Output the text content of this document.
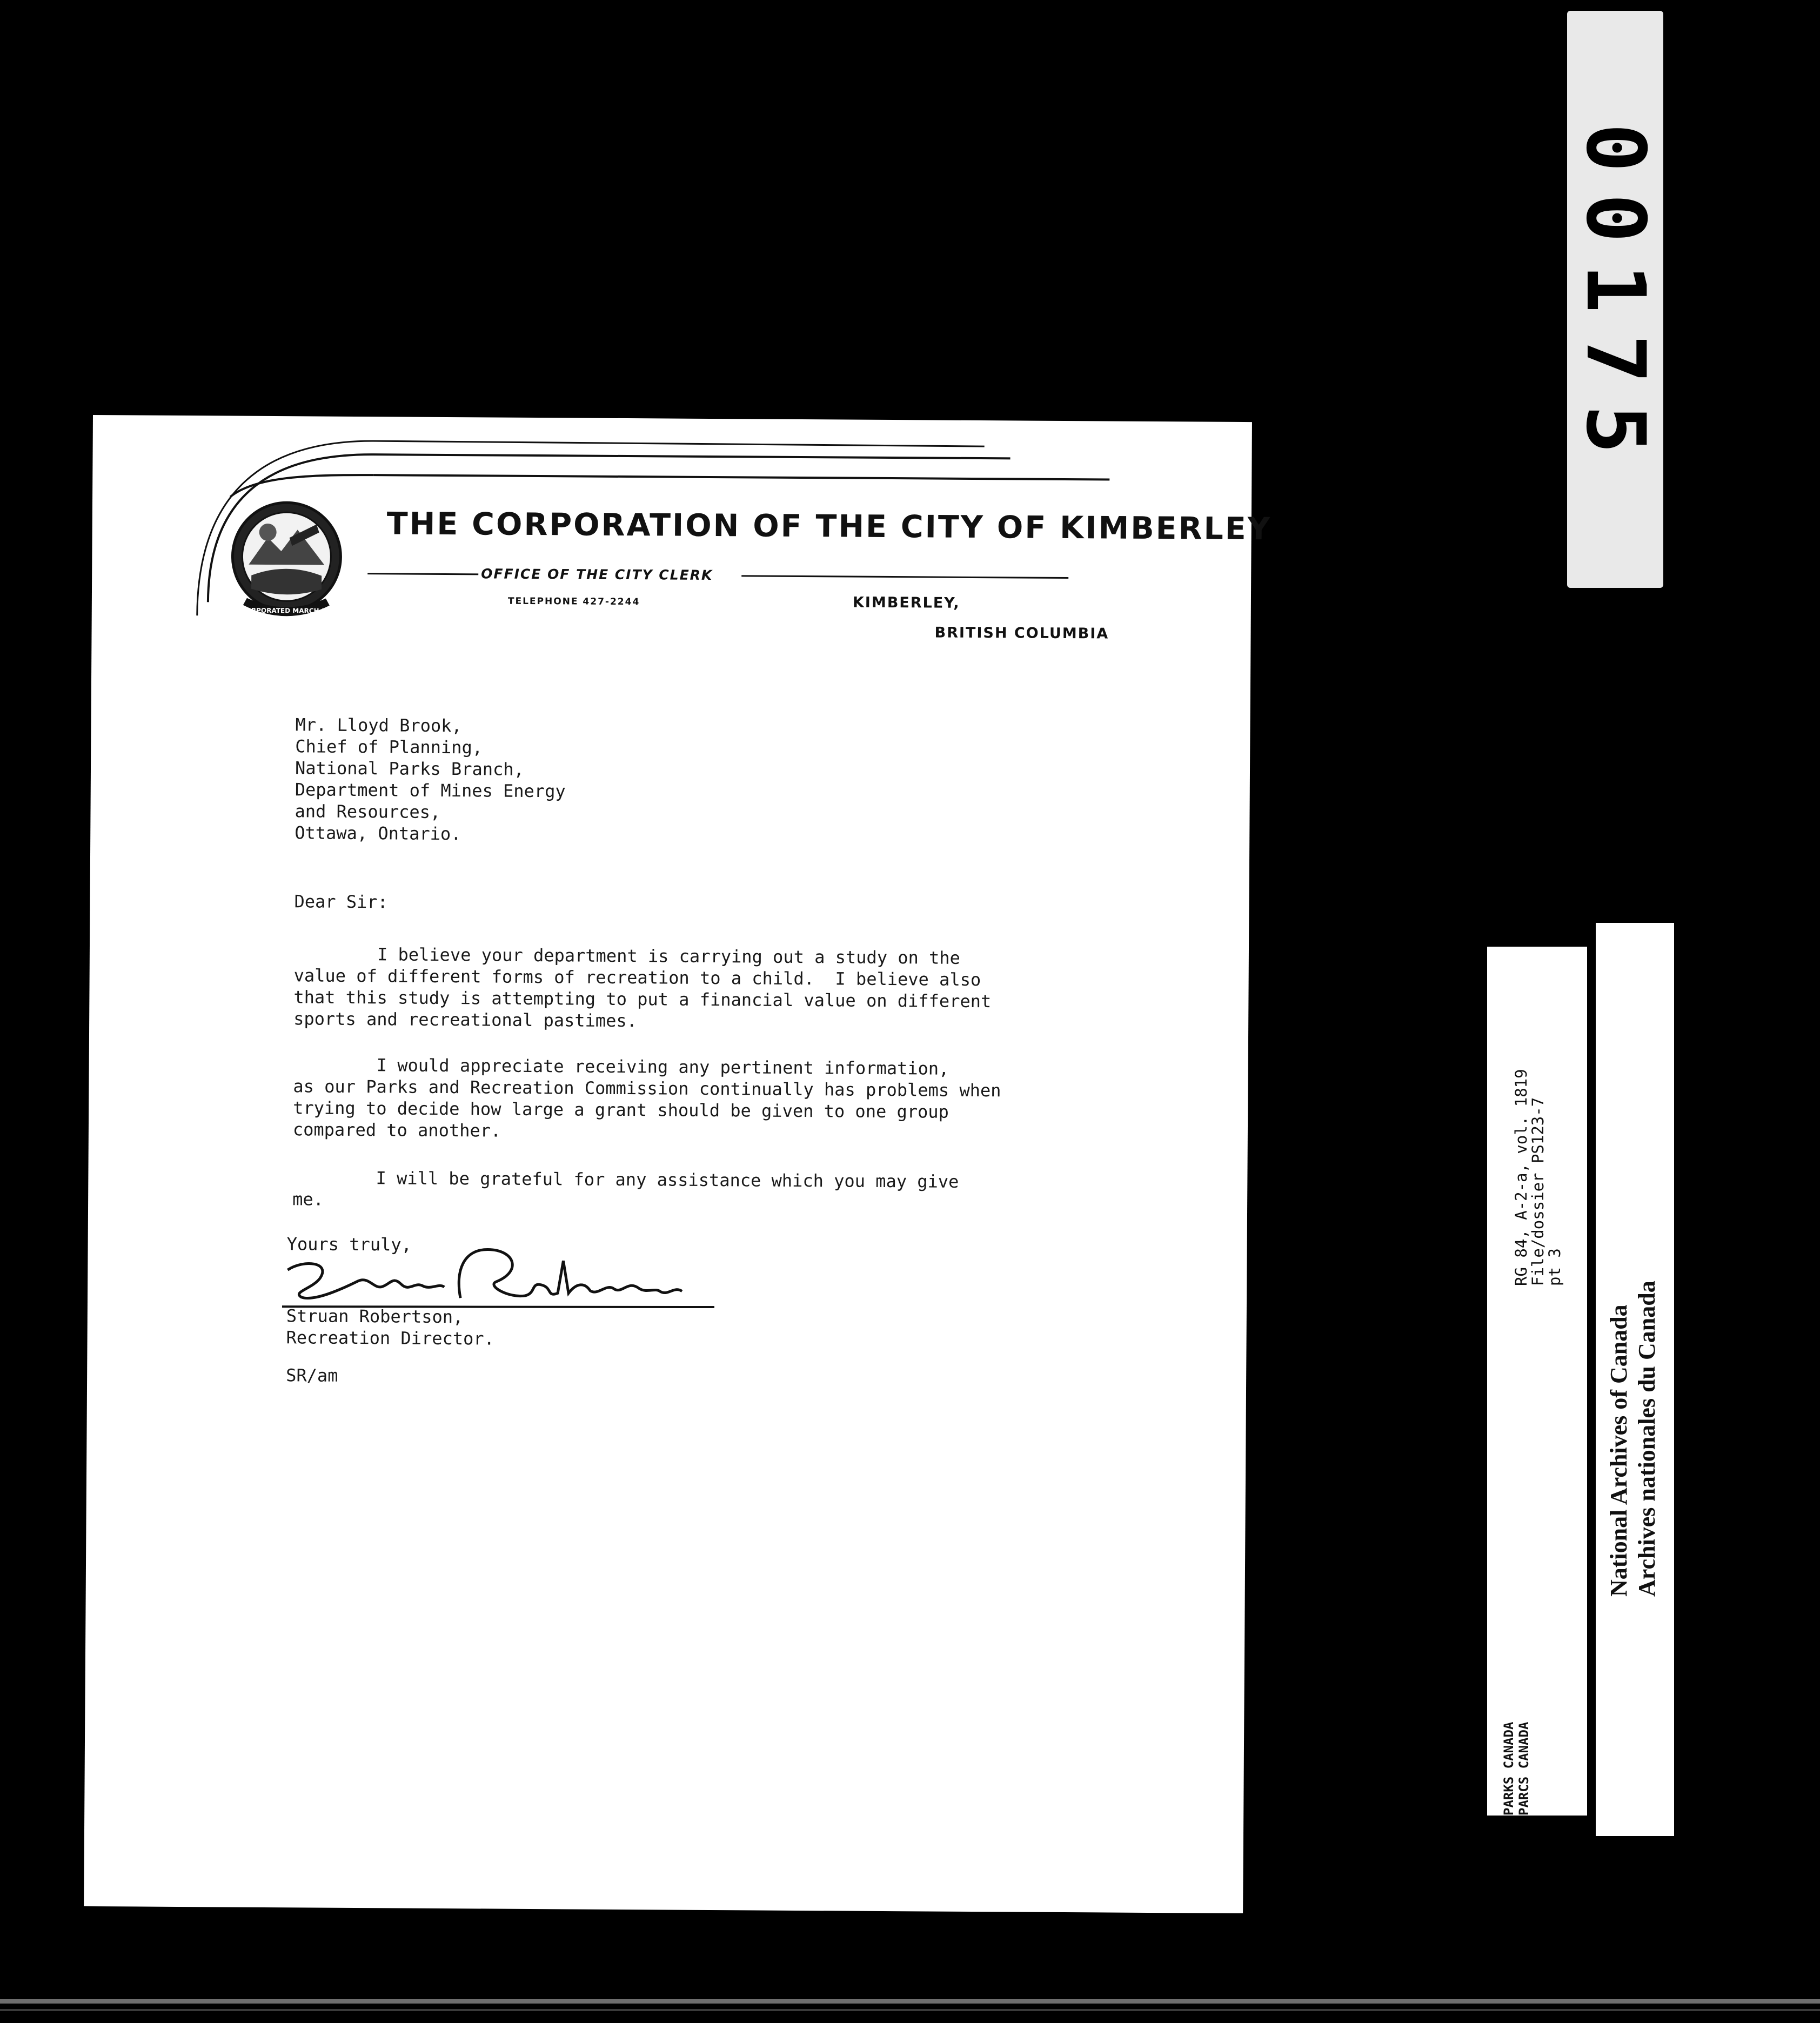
INCORPORATED MARCH 1944
THE CORPORATION OF THE CITY OF KIMBERLEY
OFFICE OF THE CITY CLERK
TELEPHONE 427-2244	KIMBERLEY,
BRITISH COLUMBIA
Mr. Lloyd Brook,
Chief of Planning,
National Parks Branch,
Department of Mines Energy
and Resources,
Ottawa, Ontario.
Dear Sir:
I believe your department is carrying out a study on the
value of different forms of recreation to a child.  I believe also
that this study is attempting to put a financial value on different
sports and recreational pastimes.
I would appreciate receiving any pertinent information,
as our Parks and Recreation Commission continually has problems when
trying to decide how large a grant should be given to one group
compared to another.
I will be grateful for any assistance which you may give
me.
Yours truly,
Struan Robertson,
Recreation Director.
SR/am
00175
PARKS CANADA
PARCS CANADA
RG 84, A-2-a, vol. 1819
File/dossier PS123-7
pt 3
National Archives of Canada
Archives nationales du Canada
